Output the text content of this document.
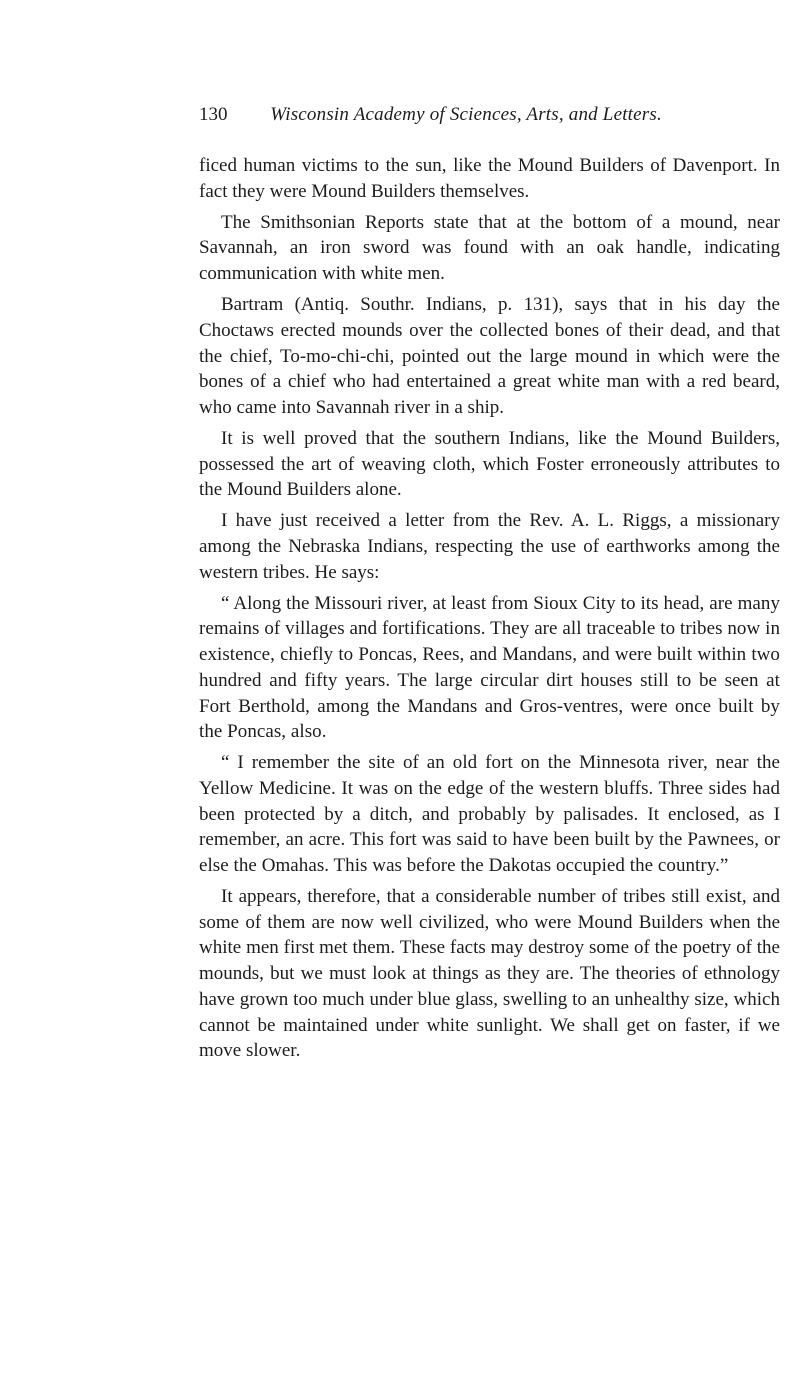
130 Wisconsin Academy of Sciences, Arts, and Letters.

ficed human victims to the sun, like the Mound Builders of Davenport. In fact they were Mound Builders themselves.

The Smithsonian Reports state that at the bottom of a mound, near Savannah, an iron sword was found with an oak handle, indicating communication with white men.

Bartram (Antiq. Southr. Indians, p. 131), says that in his day the Choctaws erected mounds over the collected bones of their dead, and that the chief, To-mo-chi-chi, pointed out the large mound in which were the bones of a chief who had entertained a great white man with a red beard, who came into Savannah river in a ship.

It is well proved that the southern Indians, like the Mound Builders, possessed the art of weaving cloth, which Foster erroneously attributes to the Mound Builders alone.

I have just received a letter from the Rev. A. L. Riggs, a missionary among the Nebraska Indians, respecting the use of earthworks among the western tribes. He says:

“ Along the Missouri river, at least from Sioux City to its head, are many remains of villages and fortifications. They are all traceable to tribes now in existence, chiefly to Poncas, Rees, and Mandans, and were built within two hundred and fifty years. The large circular dirt houses still to be seen at Fort Berthold, among the Mandans and Gros-ventres, were once built by the Poncas, also.

“ I remember the site of an old fort on the Minnesota river, near the Yellow Medicine. It was on the edge of the western bluffs. Three sides had been protected by a ditch, and probably by palisades. It enclosed, as I remember, an acre. This fort was said to have been built by the Pawnees, or else the Omahas. This was before the Dakotas occupied the country.”

It appears, therefore, that a considerable number of tribes still exist, and some of them are now well civilized, who were Mound Builders when the white men first met them. These facts may destroy some of the poetry of the mounds, but we must look at things as they are. The theories of ethnology have grown too much under blue glass, swelling to an unhealthy size, which cannot be maintained under white sunlight. We shall get on faster, if we move slower.
